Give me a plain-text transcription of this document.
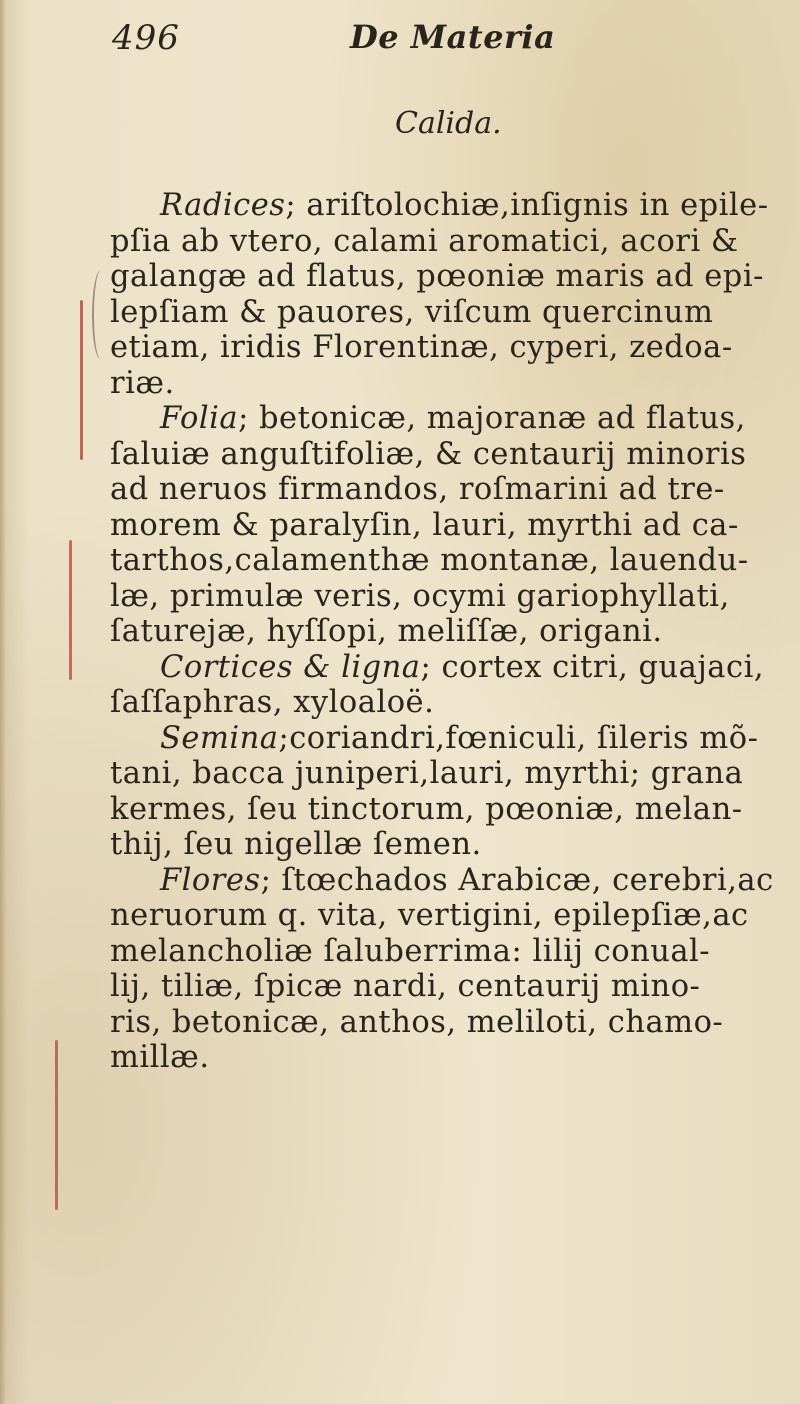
496	De Materia
Calida.
Radices; ariſtolochiæ,inſignis in epile-
pſia ab vtero, calami aromatici, acori &
galangæ ad flatus, pœoniæ maris ad epi-
lepſiam & pauores, viſcum quercinum
etiam, iridis Florentinæ, cyperi, zedoa-
riæ.
Folia; betonicæ, majoranæ ad flatus,
ſaluiæ anguſtifoliæ, & centaurij minoris
ad neruos firmandos, roſmarini ad tre-
morem & paralyſin, lauri, myrthi ad ca-
tarthos,calamenthæ montanæ, lauendu-
læ, primulæ veris, ocymi gariophyllati,
ſaturejæ, hyſſopi, meliſſæ, origani.
Cortices & ligna; cortex citri, guajaci,
ſaſſaphras, xyloaloë.
Semina;coriandri,fœniculi, ſileris mõ-
tani, bacca juniperi,lauri, myrthi; grana
kermes, ſeu tinctorum, pœoniæ, melan-
thij, ſeu nigellæ ſemen.
Flores; ſtœchados Arabicæ, cerebri,ac
neruorum q. vita, vertigini, epilepſiæ,ac
melancholiæ ſaluberrima: lilij conual-
lij, tiliæ, ſpicæ nardi, centaurij mino-
ris, betonicæ, anthos, meliloti, chamo-
millæ.
